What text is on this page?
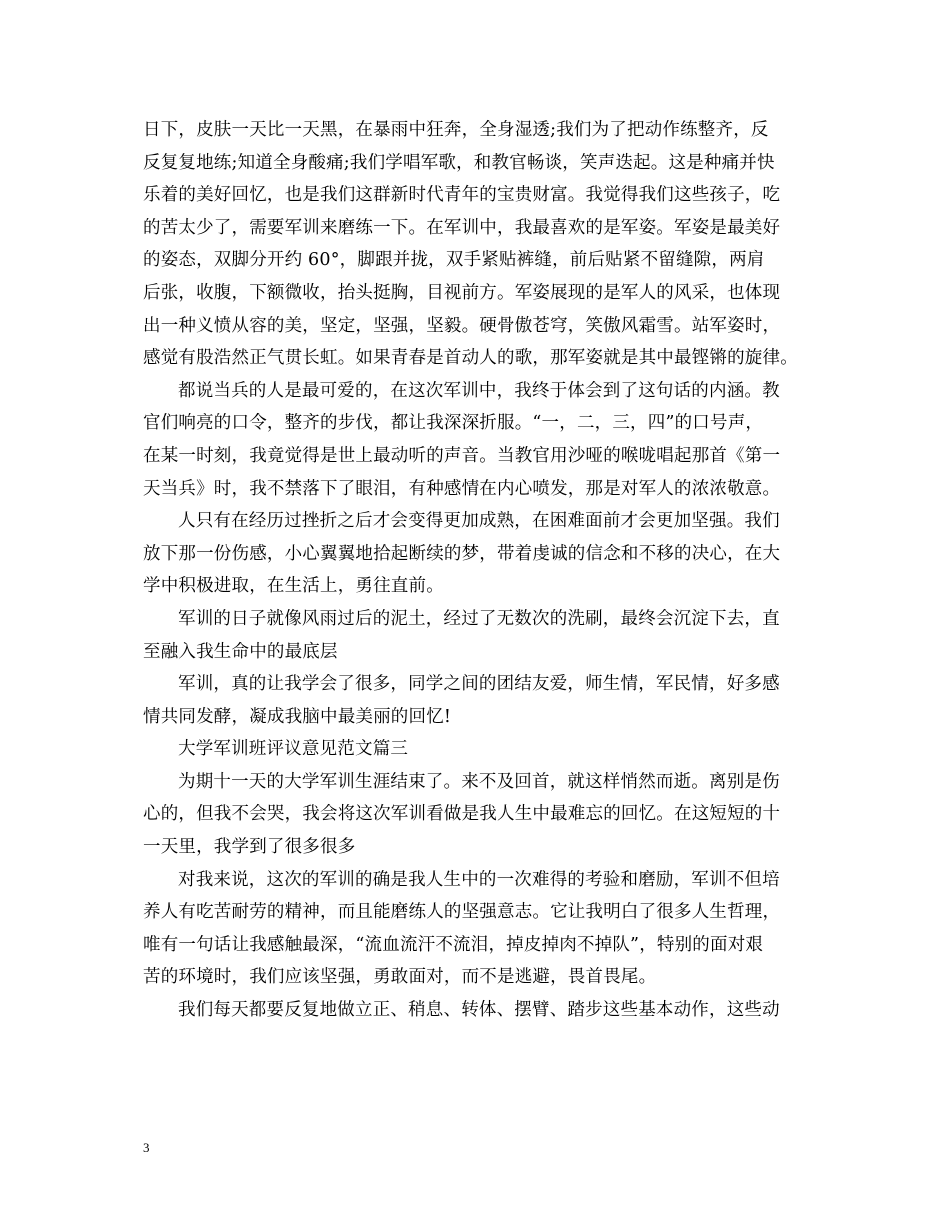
日下，皮肤一天比一天黑，在暴雨中狂奔，全身湿透;我们为了把动作练整齐，反
反复复地练;知道全身酸痛;我们学唱军歌，和教官畅谈，笑声迭起。这是种痛并快
乐着的美好回忆，也是我们这群新时代青年的宝贵财富。我觉得我们这些孩子，吃
的苦太少了，需要军训来磨练一下。在军训中，我最喜欢的是军姿。军姿是最美好
的姿态，双脚分开约 60°，脚跟并拢，双手紧贴裤缝，前后贴紧不留缝隙，两肩
后张，收腹，下额微收，抬头挺胸，目视前方。军姿展现的是军人的风采，也体现
出一种义愤从容的美，坚定，坚强，坚毅。硬骨傲苍穹，笑傲风霜雪。站军姿时，
感觉有股浩然正气贯长虹。如果青春是首动人的歌，那军姿就是其中最铿锵的旋律。
都说当兵的人是最可爱的，在这次军训中，我终于体会到了这句话的内涵。教
官们响亮的口令，整齐的步伐，都让我深深折服。“一，二，三，四”的口号声，
在某一时刻，我竟觉得是世上最动听的声音。当教官用沙哑的喉咙唱起那首《第一
天当兵》时，我不禁落下了眼泪，有种感情在内心喷发，那是对军人的浓浓敬意。
人只有在经历过挫折之后才会变得更加成熟，在困难面前才会更加坚强。我们
放下那一份伤感，小心翼翼地拾起断续的梦，带着虔诚的信念和不移的决心，在大
学中积极进取，在生活上，勇往直前。
军训的日子就像风雨过后的泥土，经过了无数次的洗刷，最终会沉淀下去，直
至融入我生命中的最底层
军训，真的让我学会了很多，同学之间的团结友爱，师生情，军民情，好多感
情共同发酵，凝成我脑中最美丽的回忆!
大学军训班评议意见范文篇三
为期十一天的大学军训生涯结束了。来不及回首，就这样悄然而逝。离别是伤
心的，但我不会哭，我会将这次军训看做是我人生中最难忘的回忆。在这短短的十
一天里，我学到了很多很多
对我来说，这次的军训的确是我人生中的一次难得的考验和磨励，军训不但培
养人有吃苦耐劳的精神，而且能磨练人的坚强意志。它让我明白了很多人生哲理，
唯有一句话让我感触最深，“流血流汗不流泪，掉皮掉肉不掉队”，特别的面对艰
苦的环境时，我们应该坚强，勇敢面对，而不是逃避，畏首畏尾。
我们每天都要反复地做立正、稍息、转体、摆臂、踏步这些基本动作，这些动
3
